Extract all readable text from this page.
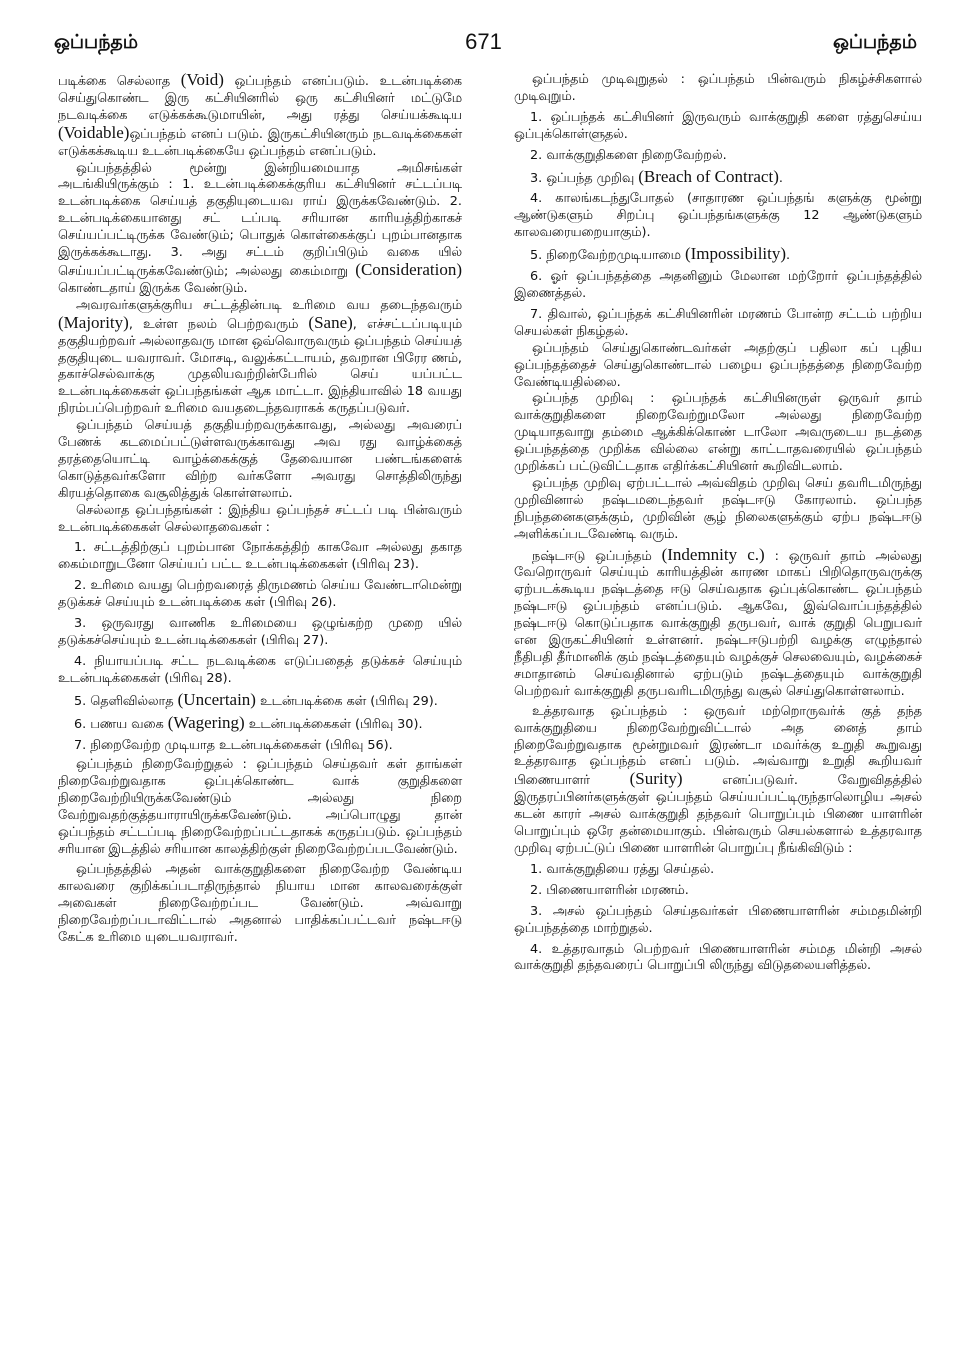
ஒப்பந்தம்	671	ஒப்பந்தம்

படிக்கை செல்லாத (Void) ஒப்பந்தம் எனப்படும். உடன்படிக்கை செய்துகொண்ட இரு கட்சியினரில் ஒரு கட்சியினர் மட்டுமே நடவடிக்கை எடுக்கக்கூடுமாயின், அது ரத்து செய்யக்கூடிய (Voidable)ஒப்பந்தம் எனப் படும். இருகட்சியினரும் நடவடிக்கைகள் எடுக்கக்கூடிய உடன்படிக்கையே ஒப்பந்தம் எனப்படும்.

ஒப்பந்தத்தில் மூன்று இன்றியமையாத அமிசங்கள் அடங்கியிருக்கும் : 1. உடன்படிக்கைக்குரிய கட்சியினர் சட்டப்படி உடன்படிக்கை செய்யத் தகுதியுடையவ ராய் இருக்கவேண்டும். 2. உடன்படிக்கையானது சட் டப்படி சரியான காரியத்திற்காகச் செய்யப்பட்டிருக்க வேண்டும்; பொதுக் கொள்கைக்குப் புறம்பானதாக இருக்கக்கூடாது. 3. அது சட்டம் குறிப்பிடும் வகை யில் செய்யப்பட்டிருக்கவேண்டும்; அல்லது கைம்மாறு (Consideration) கொண்டதாய் இருக்க வேண்டும்.

அவரவர்களுக்குரிய சட்டத்தின்படி உரிமை வய தடைந்தவரும் (Majority), உள்ள நலம் பெற்றவரும் (Sane), எச்சட்டப்படியும் தகுதியற்றவர் அல்லாதவரு மான ஒவ்வொருவரும் ஒப்பந்தம் செய்யத் தகுதியுடை யவராவர். மோசடி, வலுக்கட்டாயம், தவறான பிரேர ணம், தகாச்செல்வாக்கு முதலியவற்றின்பேரில் செய் யப்பட்ட உடன்படிக்கைகள் ஒப்பந்தங்கள் ஆக மாட்டா. இந்தியாவில் 18 வயது நிரம்பப்பெற்றவர் உரிமை வயதடைந்தவராகக் கருதப்படுவர்.

ஒப்பந்தம் செய்யத் தகுதியற்றவருக்காவது, அல்லது அவரைப் பேணக் கடமைப்பட்டுள்ளவருக்காவது அவ ரது வாழ்க்கைத் தரத்தையொட்டி வாழ்க்கைக்குத் தேவையான பண்டங்களைக் கொடுத்தவர்களோ விற்ற வர்களோ அவரது சொத்திலிருந்து கிரயத்தொகை வசூலித்துக் கொள்ளலாம்.

செல்லாத ஒப்பந்தங்கள் : இந்திய ஒப்பந்தச் சட்டப் படி பின்வரும் உடன்படிக்கைகள் செல்லாதவைகள் :

1. சட்டத்திற்குப் புறம்பான நோக்கத்திற் காகவோ அல்லது தகாத கைம்மாறுடனோ செய்யப் பட்ட உடன்படிக்கைகள் (பிரிவு 23).

2. உரிமை வயது பெற்றவரைத் திருமணம் செய்ய வேண்டாமென்று தடுக்கச் செய்யும் உடன்படிக்கை கள் (பிரிவு 26).

3. ஒருவரது வாணிக உரிமையை ஒழுங்கற்ற முறை யில் தடுக்கச்செய்யும் உடன்படிக்கைகள் (பிரிவு 27).

4. நியாயப்படி சட்ட நடவடிக்கை எடுப்பதைத் தடுக்கச் செய்யும் உடன்படிக்கைகள் (பிரிவு 28).

5. தெளிவில்லாத (Uncertain) உடன்படிக்கை கள் (பிரிவு 29).

6. பணய வகை (Wagering) உடன்படிக்கைகள் (பிரிவு 30).

7. நிறைவேற்ற முடியாத உடன்படிக்கைகள் (பிரிவு 56).

ஒப்பந்தம் நிறைவேற்றுதல் : ஒப்பந்தம் செய்தவர் கள் தாங்கள் நிறைவேற்றுவதாக ஒப்புக்கொண்ட வாக் குறுதிகளை நிறைவேற்றியிருக்கவேண்டும் அல்லது நிறை வேற்றுவதற்குத்தயாராயிருக்கவேண்டும். அப்பொழுது தான் ஒப்பந்தம் சட்டப்படி நிறைவேற்றப்பட்டதாகக் கருதப்படும். ஒப்பந்தம் சரியான இடத்தில் சரியான காலத்திற்குள் நிறைவேற்றப்படவேண்டும்.

ஒப்பந்தத்தில் அதன் வாக்குறுதிகளை நிறைவேற்ற வேண்டிய காலவரை குறிக்கப்படாதிருந்தால் நியாய மான காலவரைக்குள் அவைகள் நிறைவேற்றப்பட வேண்டும். அவ்வாறு நிறைவேற்றப்படாவிட்டால் அதனால் பாதிக்கப்பட்டவர் நஷ்டஈடு கேட்க உரிமை யுடையவராவர்.

ஒப்பந்தம் முடிவுறுதல் : ஒப்பந்தம் பின்வரும் நிகழ்ச்சிகளால் முடிவுறும்.

1. ஒப்பந்தக் கட்சியினர் இருவரும் வாக்குறுதி களை ரத்துசெய்ய ஒப்புக்கொள்ளுதல்.

2. வாக்குறுதிகளை நிறைவேற்றல்.

3. ஒப்பந்த முறிவு (Breach of Contract).

4. காலங்கடந்துபோதல் (சாதாரண ஒப்பந்தங் களுக்கு மூன்று ஆண்டுகளும் சிறப்பு ஒப்பந்தங்களுக்கு 12 ஆண்டுகளும் காலவரையறையாகும்).

5. நிறைவேற்றமுடியாமை (Impossibility).

6. ஓர் ஒப்பந்தத்தை அதனினும் மேலான மற்றோர் ஒப்பந்தத்தில் இணைத்தல்.

7. திவால், ஒப்பந்தக் கட்சியினரின் மரணம் போன்ற சட்டம் பற்றிய செயல்கள் நிகழ்தல்.

ஒப்பந்தம் செய்துகொண்டவர்கள் அதற்குப் பதிலா கப் புதிய ஒப்பந்தத்தைச் செய்துகொண்டால் பழைய ஒப்பந்தத்தை நிறைவேற்ற வேண்டியதில்லை.

ஒப்பந்த முறிவு : ஒப்பந்தக் கட்சியினருள் ஒருவர் தாம் வாக்குறுதிகளை நிறைவேற்றுமலோ அல்லது நிறைவேற்ற முடியாதவாறு தம்மை ஆக்கிக்கொண் டாலோ அவருடைய நடத்தை ஒப்பந்தத்தை முறிக்க வில்லை என்று காட்டாதவரையில் ஒப்பந்தம் முறிக்கப் பட்டுவிட்டதாக எதிர்க்கட்சியினர் கூறிவிடலாம்.

ஒப்பந்த முறிவு ஏற்பட்டால் அவ்விதம் முறிவு செய் தவரிடமிருந்து முறிவினால் நஷ்டமடைந்தவர் நஷ்டஈடு கோரலாம். ஒப்பந்த நிபந்தனைகளுக்கும், முறிவின் சூழ் நிலைகளுக்கும் ஏற்ப நஷ்டஈடு அளிக்கப்படவேண்டி வரும்.

நஷ்டஈடு ஒப்பந்தம் (Indemnity c.) : ஒருவர் தாம் அல்லது வேறொருவர் செய்யும் காரியத்தின் காரண மாகப் பிறிதொருவருக்கு ஏற்படக்கூடிய நஷ்டத்தை ஈடு செய்வதாக ஒப்புக்கொண்ட ஒப்பந்தம் நஷ்டஈடு ஒப்பந்தம் எனப்படும். ஆகவே, இவ்வொப்பந்தத்தில் நஷ்டஈடு கொடுப்பதாக வாக்குறுதி தருபவர், வாக் குறுதி பெறுபவர் என இருகட்சியினர் உள்ளனர். நஷ்டஈடுபற்றி வழக்கு எழுந்தால் நீதிபதி தீர்மானிக் கும் நஷ்டத்தையும் வழக்குச் செலவையும், வழக்கைச் சமாதானம் செய்வதினால் ஏற்படும் நஷ்டத்தையும் வாக்குறுதி பெற்றவர் வாக்குறுதி தருபவரிடமிருந்து வசூல் செய்துகொள்ளலாம்.

உத்தரவாத ஒப்பந்தம் : ஒருவர் மற்றொருவர்க் குத் தந்த வாக்குறுதியை நிறைவேற்றுவிட்டால் அத னைத் தாம் நிறைவேற்றுவதாக மூன்றுமவர் இரண்டா மவர்க்கு உறுதி கூறுவது உத்தரவாத ஒப்பந்தம் எனப் படும். அவ்வாறு உறுதி கூறியவர் பிணையாளர் (Surity) எனப்படுவர். வேறுவிதத்தில் இருதரப்பினர்களுக்குள் ஒப்பந்தம் செய்யப்பட்டிருந்தாலொழிய அசல் கடன் காரர் அசல் வாக்குறுதி தந்தவர் பொறுப்பும் பிணை யாளரின் பொறுப்பும் ஒரே தன்மையாகும். பின்வரும் செயல்களால் உத்தரவாத முறிவு ஏற்பட்டுப் பிணை யாளரின் பொறுப்பு நீங்கிவிடும் :

1. வாக்குறுதியை ரத்து செய்தல்.

2. பிணையாளரின் மரணம்.

3. அசல் ஒப்பந்தம் செய்தவர்கள் பிணையாளரின் சம்மதமின்றி ஒப்பந்தத்தை மாற்றுதல்.

4. உத்தரவாதம் பெற்றவர் பிணையாளரின் சம்மத மின்றி அசல் வாக்குறுதி தந்தவரைப் பொறுப்பி லிருந்து விடுதலையளித்தல்.
